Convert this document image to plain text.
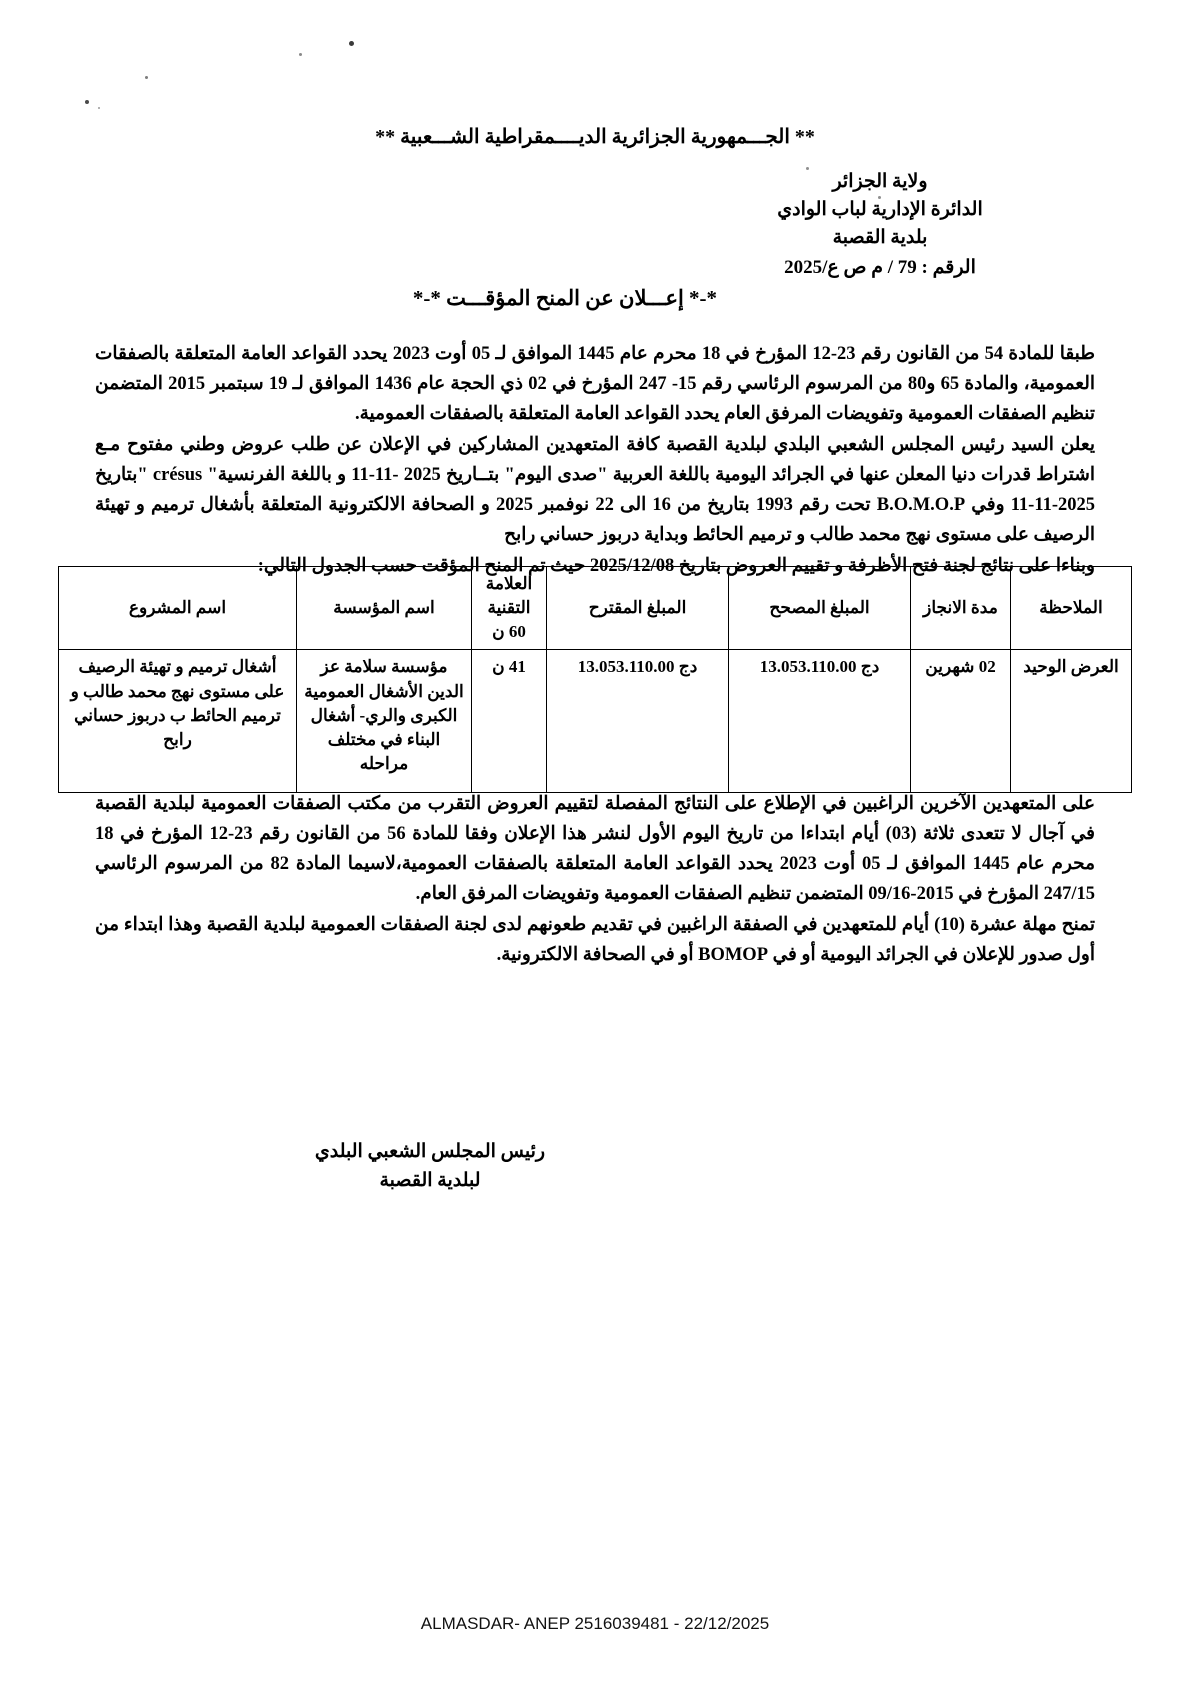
** الجـــمهورية الجزائرية الديــــمقراطية الشـــعبية **
ولاية الجزائر
الدائرة الإدارية لباب الوادي
بلدية القصبة
الرقم : 79 / م ص ع/2025
*-* إعـــلان عن المنح المؤقـــت *-*

طبقا للمادة 54 من القانون رقم 23-12 المؤرخ في 18 محرم عام 1445 الموافق لـ 05 أوت 2023 يحدد القواعد العامة المتعلقة بالصفقات العمومية، والمادة 65 و80 من المرسوم الرئاسي رقم 15- 247 المؤرخ في 02 ذي الحجة عام 1436 الموافق لـ 19 سبتمبر 2015 المتضمن تنظيم الصفقات العمومية وتفويضات المرفق العام يحدد القواعد العامة المتعلقة بالصفقات العمومية.

يعلن السيد رئيس المجلس الشعبي البلدي لبلدية القصبة كافة المتعهدين المشاركين في الإعلان عن طلب عروض وطني مفتوح مـع اشتراط قدرات دنيا المعلن عنها في الجرائد اليومية باللغة العربية "صدى اليوم" بتــاريخ 2025 -11-11 و باللغة الفرنسية" crésus "بتاريخ 2025-11-11 وفي B.O.M.O.P تحت رقم 1993 بتاريخ من 16 الى 22 نوفمبر 2025 و الصحافة الالكترونية المتعلقة بأشغال ترميم و تهيئة الرصيف على مستوى نهج محمد طالب و ترميم الحائط وبداية دربوز حساني رابح

وبناءا على نتائج لجنة فتح الأظرفة و تقييم العروض بتاريخ 2025/12/08 حيث تم المنح المؤقت حسب الجدول التالي:

الملاحظة	مدة الانجاز	المبلغ المصحح	المبلغ المقترح	العلامة التقنية 60 ن	اسم المؤسسة	اسم المشروع
العرض الوحيد	02 شهرين	13.053.110.00 دج	13.053.110.00 دج	41 ن	مؤسسة سلامة عز الدين الأشغال العمومية الكبرى والري- أشغال البناء في مختلف مراحله	أشغال ترميم و تهيئة الرصيف على مستوى نهج محمد طالب و ترميم الحائط ب دربوز حساني رابح

على المتعهدين الآخرين الراغبين في الإطلاع على النتائج المفصلة لتقييم العروض التقرب من مكتب الصفقات العمومية لبلدية القصبة في آجال لا تتعدى ثلاثة (03) أيام ابتداءا من تاريخ اليوم الأول لنشر هذا الإعلان وفقا للمادة 56 من القانون رقم 23-12 المؤرخ في 18 محرم عام 1445 الموافق لـ 05 أوت 2023 يحدد القواعد العامة المتعلقة بالصفقات العمومية،لاسيما المادة 82 من المرسوم الرئاسي 247/15 المؤرخ في 2015-09/16 المتضمن تنظيم الصفقات العمومية وتفويضات المرفق العام.

تمنح مهلة عشرة (10) أيام للمتعهدين في الصفقة الراغبين في تقديم طعونهم لدى لجنة الصفقات العمومية لبلدية القصبة وهذا ابتداء من أول صدور للإعلان في الجرائد اليومية أو في BOMOP أو في الصحافة الالكترونية.

رئيس المجلس الشعبي البلدي
لبلدية القصبة
ALMASDAR- ANEP 2516039481 - 22/12/2025
